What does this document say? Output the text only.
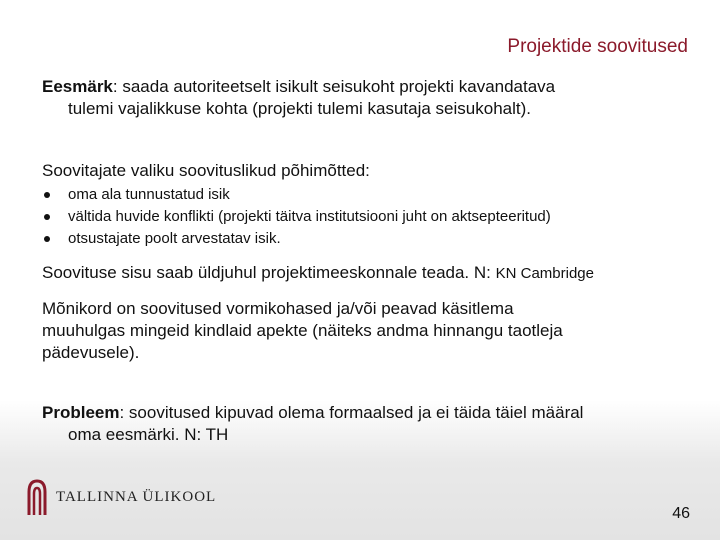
Projektide soovitused
Eesmärk: saada autoriteetselt isikult seisukoht projekti kavandatava
tulemi vajalikkuse kohta (projekti tulemi kasutaja seisukohalt).
Soovitajate valiku soovituslikud põhimõtted:
oma ala tunnustatud isik
vältida huvide konflikti (projekti täitva institutsiooni juht on aktsepteeritud)
otsustajate poolt arvestatav isik.
Soovituse sisu saab üldjuhul projektimeeskonnale teada. N: KN Cambridge
Mõnikord on soovitused vormikohased ja/või peavad käsitlema
muuhulgas mingeid kindlaid apekte (näiteks andma hinnangu taotleja
pädevusele).
Probleem: soovitused kipuvad olema formaalsed ja ei täida täiel määral
oma eesmärki. N: TH
TALLINNA ÜLIKOOL
46
